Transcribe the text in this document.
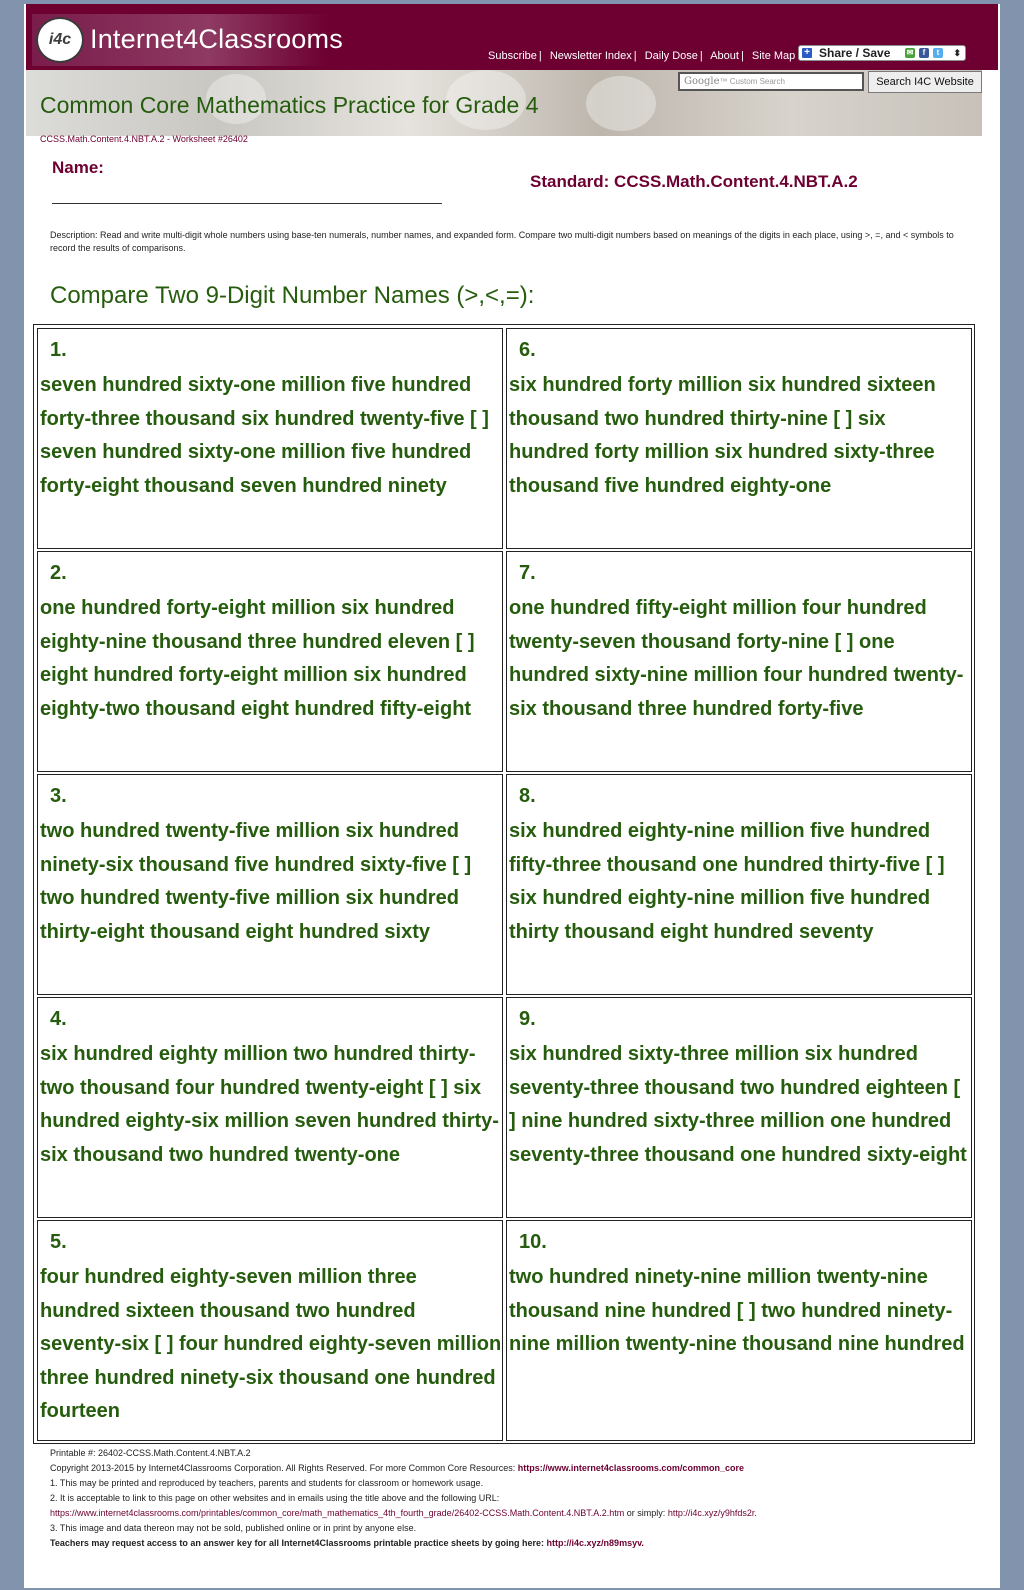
i4c Internet4Classrooms
Subscribe | Newsletter Index | Daily Dose | About | Site Map + Share / Save ✉	f	t	⬍
Google™ Custom Search	Search I4C Website
Common Core Mathematics Practice for Grade 4
CCSS.Math.Content.4.NBT.A.2 - Worksheet #26402
Name:
Standard: CCSS.Math.Content.4.NBT.A.2
Description: Read and write multi-digit whole numbers using base-ten numerals, number names, and expanded form. Compare two multi-digit numbers based on meanings of the digits in each place, using >, =, and < symbols to record the results of comparisons.
Compare Two 9-Digit Number Names (>,<,=):
1.
seven hundred sixty-one million five hundred forty-three thousand six hundred twenty-five [ ] seven hundred sixty-one million five hundred forty-eight thousand seven hundred ninety
6.
six hundred forty million six hundred sixteen thousand two hundred thirty-nine [ ] six hundred forty million six hundred sixty-three thousand five hundred eighty-one
2.
one hundred forty-eight million six hundred eighty-nine thousand three hundred eleven [ ] eight hundred forty-eight million six hundred eighty-two thousand eight hundred fifty-eight
7.
one hundred fifty-eight million four hundred twenty-seven thousand forty-nine [ ] one hundred sixty-nine million four hundred twenty-six thousand three hundred forty-five
3.
two hundred twenty-five million six hundred ninety-six thousand five hundred sixty-five [ ] two hundred twenty-five million six hundred thirty-eight thousand eight hundred sixty
8.
six hundred eighty-nine million five hundred fifty-three thousand one hundred thirty-five [ ] six hundred eighty-nine million five hundred thirty thousand eight hundred seventy
4.
six hundred eighty million two hundred thirty-two thousand four hundred twenty-eight [ ] six hundred eighty-six million seven hundred thirty-six thousand two hundred twenty-one
9.
six hundred sixty-three million six hundred seventy-three thousand two hundred eighteen [ ] nine hundred sixty-three million one hundred seventy-three thousand one hundred sixty-eight
5.
four hundred eighty-seven million three hundred sixteen thousand two hundred seventy-six [ ] four hundred eighty-seven million three hundred ninety-six thousand one hundred fourteen
10.
two hundred ninety-nine million twenty-nine thousand nine hundred [ ] two hundred ninety-nine million twenty-nine thousand nine hundred
Printable #: 26402-CCSS.Math.Content.4.NBT.A.2
Copyright 2013-2015 by Internet4Classrooms Corporation. All Rights Reserved. For more Common Core Resources: https://www.internet4classrooms.com/common_core
1. This may be printed and reproduced by teachers, parents and students for classroom or homework usage.
2. It is acceptable to link to this page on other websites and in emails using the title above and the following URL:
https://www.internet4classrooms.com/printables/common_core/math_mathematics_4th_fourth_grade/26402-CCSS.Math.Content.4.NBT.A.2.htm or simply: http://i4c.xyz/y9hfds2r.
3. This image and data thereon may not be sold, published online or in print by anyone else.
Teachers may request access to an answer key for all Internet4Classrooms printable practice sheets by going here: http://i4c.xyz/n89msyv.
